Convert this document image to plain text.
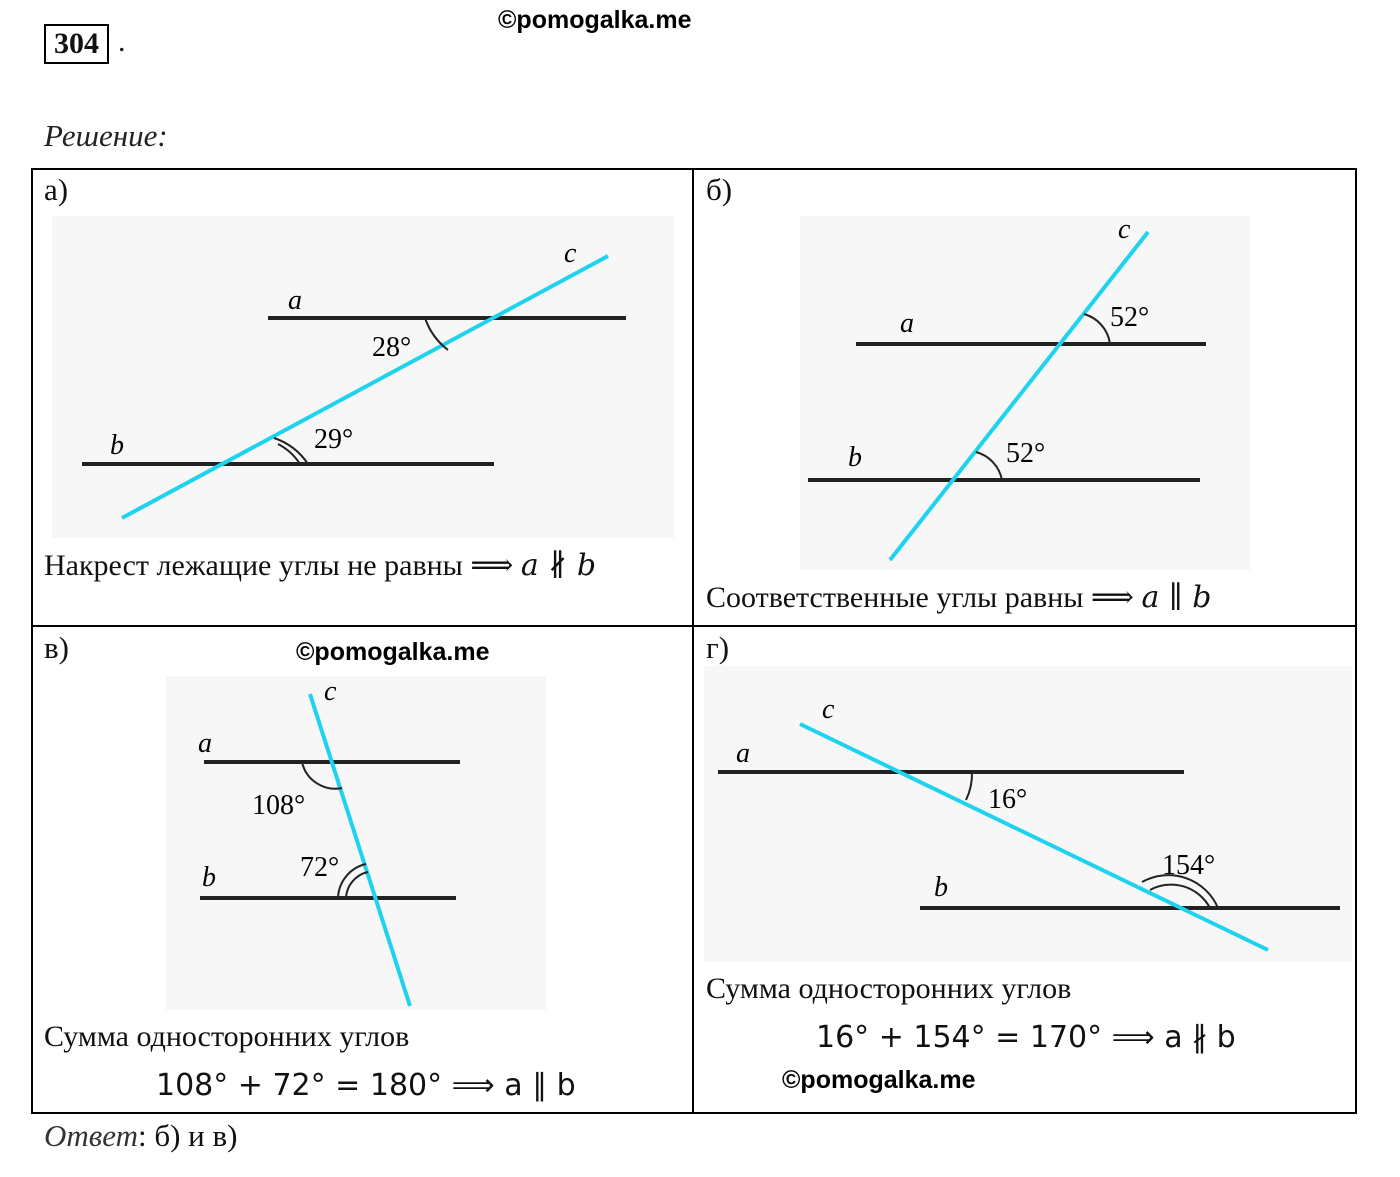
304 .
©pomogalka.me
Решение:
а)
a
b
c
28°
29°
Накрест лежащие углы не равны ⟹ a ∦ b
б)
a
b
c
52°
52°
Соответственные углы равны ⟹ a ∥ b
в)	©pomogalka.me
a
b
c
108°
72°
Сумма односторонних углов
108° + 72° = 180° ⟹ a ∥ b
г)
a
b
c
16°
154°
Сумма односторонних углов
16° + 154° = 170° ⟹ a ∦ b
©pomogalka.me
Ответ: б) и в)
